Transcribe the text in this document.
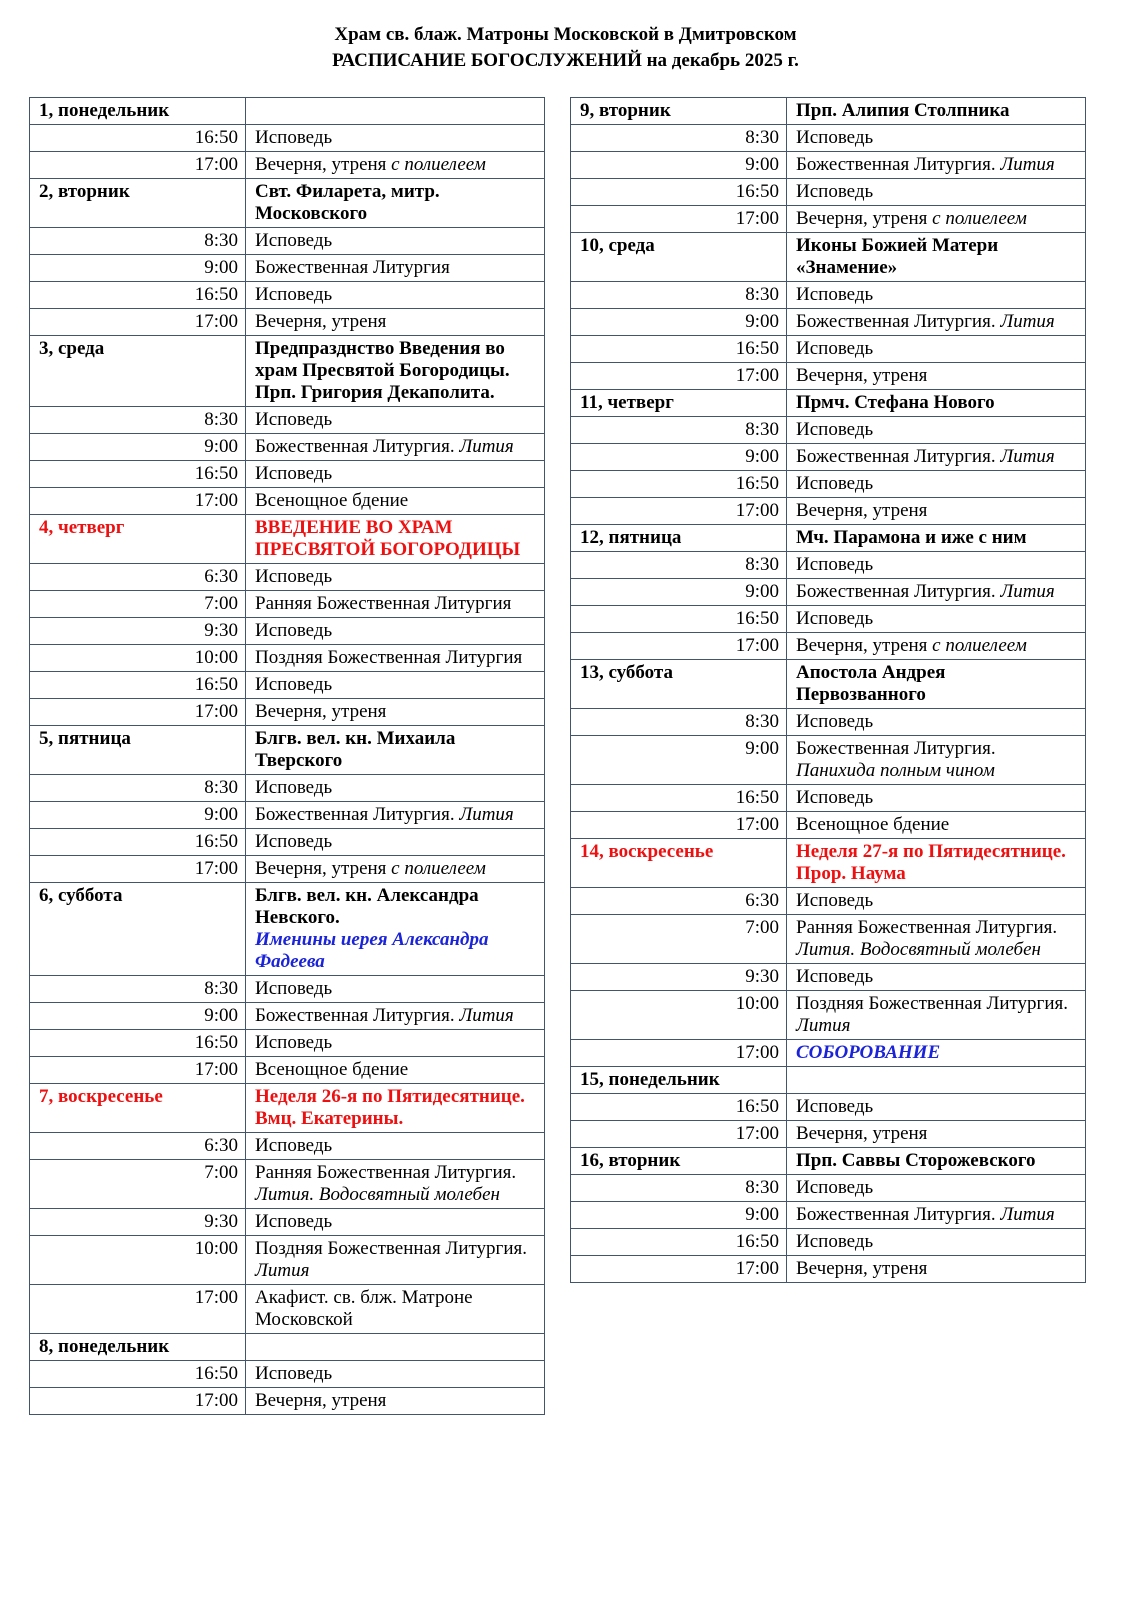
Храм св. блаж. Матроны Московской в Дмитровском
РАСПИСАНИЕ БОГОСЛУЖЕНИЙ на декабрь 2025 г.
1, понедельник	
16:50	Исповедь
17:00	Вечерня, утреня с полиелеем
2, вторник	Свт. Филарета, митр. Московского
8:30	Исповедь
9:00	Божественная Литургия
16:50	Исповедь
17:00	Вечерня, утреня
3, среда	Предпразднство Введения во храм Пресвятой Богородицы. Прп. Григория Декаполита.
8:30	Исповедь
9:00	Божественная Литургия. Лития
16:50	Исповедь
17:00	Всенощное бдение
4, четверг	ВВЕДЕНИЕ ВО ХРАМ ПРЕСВЯТОЙ БОГОРОДИЦЫ
6:30	Исповедь
7:00	Ранняя Божественная Литургия
9:30	Исповедь
10:00	Поздняя Божественная Литургия
16:50	Исповедь
17:00	Вечерня, утреня
5, пятница	Блгв. вел. кн. Михаила Тверского
8:30	Исповедь
9:00	Божественная Литургия. Лития
16:50	Исповедь
17:00	Вечерня, утреня с полиелеем
6, суббота	Блгв. вел. кн. Александра Невского.
Именины иерея Александра Фадеева
8:30	Исповедь
9:00	Божественная Литургия. Лития
16:50	Исповедь
17:00	Всенощное бдение
7, воскресенье	Неделя 26-я по Пятидесятнице. Вмц. Екатерины.
6:30	Исповедь
7:00	Ранняя Божественная Литургия. Лития. Водосвятный молебен
9:30	Исповедь
10:00	Поздняя Божественная Литургия. Лития
17:00	Акафист. св. блж. Матроне Московской
8, понедельник	
16:50	Исповедь
17:00	Вечерня, утреня
9, вторник	Прп. Алипия Столпника
8:30	Исповедь
9:00	Божественная Литургия. Лития
16:50	Исповедь
17:00	Вечерня, утреня с полиелеем
10, среда	Иконы Божией Матери «Знамение»
8:30	Исповедь
9:00	Божественная Литургия. Лития
16:50	Исповедь
17:00	Вечерня, утреня
11, четверг	Прмч. Стефана Нового
8:30	Исповедь
9:00	Божественная Литургия. Лития
16:50	Исповедь
17:00	Вечерня, утреня
12, пятница	Мч. Парамона и иже с ним
8:30	Исповедь
9:00	Божественная Литургия. Лития
16:50	Исповедь
17:00	Вечерня, утреня с полиелеем
13, суббота	Апостола Андрея Первозванного
8:30	Исповедь
9:00	Божественная Литургия. Панихида полным чином
16:50	Исповедь
17:00	Всенощное бдение
14, воскресенье	Неделя 27-я по Пятидесятнице. Прор. Наума
6:30	Исповедь
7:00	Ранняя Божественная Литургия. Лития. Водосвятный молебен
9:30	Исповедь
10:00	Поздняя Божественная Литургия. Лития
17:00	СОБОРОВАНИЕ
15, понедельник	
16:50	Исповедь
17:00	Вечерня, утреня
16, вторник	Прп. Саввы Сторожевского
8:30	Исповедь
9:00	Божественная Литургия. Лития
16:50	Исповедь
17:00	Вечерня, утреня
